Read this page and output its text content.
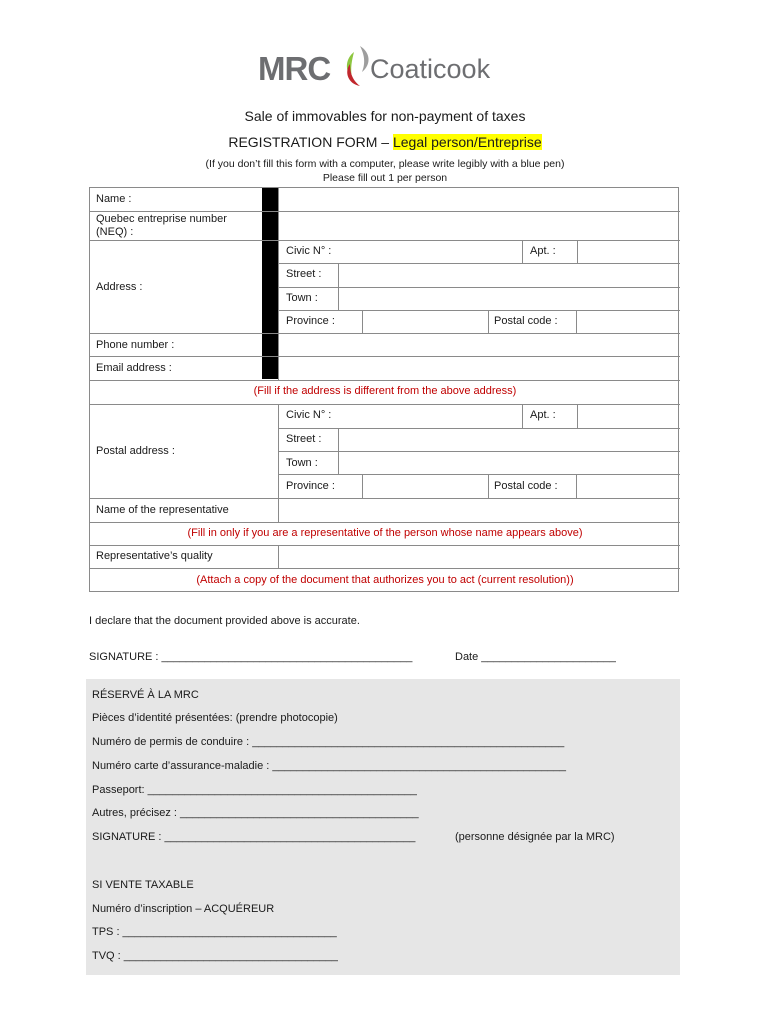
MRC Coaticook
Sale of immovables for non-payment of taxes
REGISTRATION FORM – Legal person/Entreprise
(If you don’t fill this form with a computer, please write legibly with a blue pen)
Please fill out 1 per person
Name :
Quebec entreprise number
(NEQ) :
Address :
Civic N° :	Apt. :
Street :
Town :
Province :	Postal code :
Phone number :
Email address :
(Fill if the address is different from the above address)
Postal address :
Civic N° :	Apt. :
Street :
Town :
Province :	Postal code :
Name of the representative
(Fill in only if you are a representative of the person whose name appears above)
Representative’s quality
(Attach a copy of the document that authorizes you to act (current resolution))
I declare that the document provided above is accurate.
SIGNATURE : _________________________________________	Date ______________________
RÉSERVÉ À LA MRC
Pièces d’identité présentées: (prendre photocopie)
Numéro de permis de conduire : ___________________________________________________
Numéro carte d’assurance-maladie : ________________________________________________
Passeport: ____________________________________________
Autres, précisez : _______________________________________
SIGNATURE : _________________________________________	(personne désignée par la MRC)
SI VENTE TAXABLE
Numéro d’inscription – ACQUÉREUR
TPS : ___________________________________
TVQ : ___________________________________
